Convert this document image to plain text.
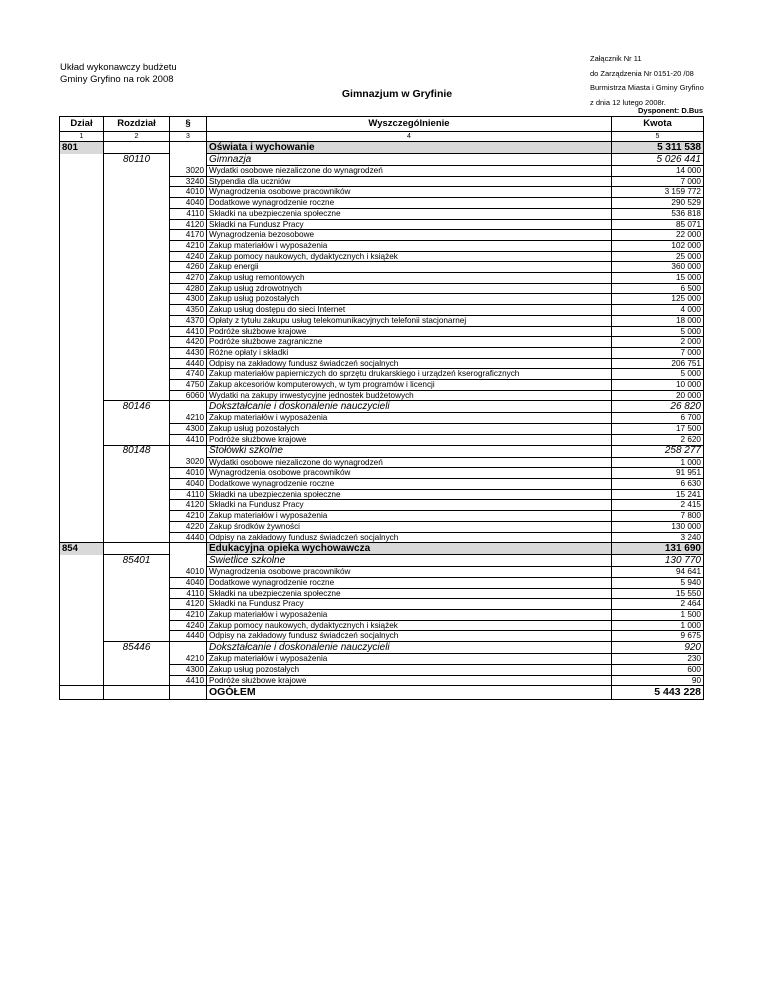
Układ wykonawczy budżetu
Gminy Gryfino na rok 2008
Załącznik Nr 11
do Zarządzenia Nr 0151-20 /08
Burmistrza Miasta i Gminy Gryfino
z dnia 12 lutego 2008r.
Gimnazjum w Gryfinie
Dysponent: D.Bus
Dział	Rozdział	§	Wyszczególnienie	Kwota
1	2	3	4	5
801			Oświata i wychowanie	5 311 538
	80110		Gimnazja	5 026 441
		3020	Wydatki osobowe niezaliczone do wynagrodzeń	14 000
		3240	Stypendia dla uczniów	7 000
		4010	Wynagrodzenia osobowe pracowników	3 159 772
		4040	Dodatkowe wynagrodzenie roczne	290 529
		4110	Składki na ubezpieczenia społeczne	536 818
		4120	Składki na Fundusz Pracy	85 071
		4170	Wynagrodzenia bezosobowe	22 000
		4210	Zakup materiałów i wyposażenia	102 000
		4240	Zakup pomocy naukowych, dydaktycznych i książek	25 000
		4260	Zakup energii	360 000
		4270	Zakup usług remontowych	15 000
		4280	Zakup usług zdrowotnych	6 500
		4300	Zakup usług pozostałych	125 000
		4350	Zakup usług dostępu do sieci Internet	4 000
		4370	Opłaty z tytułu zakupu usług telekomunikacyjnych telefonii stacjonarnej	18 000
		4410	Podróże służbowe krajowe	5 000
		4420	Podróże służbowe zagraniczne	2 000
		4430	Różne opłaty i składki	7 000
		4440	Odpisy na zakładowy fundusz świadczeń socjalnych	206 751
		4740	Zakup materiałów papierniczych do sprzętu drukarskiego i urządzeń kserograficznych	5 000
		4750	Zakup akcesoriów komputerowych, w tym programów i licencji	10 000
		6060	Wydatki na zakupy inwestycyjne jednostek budżetowych	20 000
	80146		Dokształcanie i doskonalenie nauczycieli	26 820
		4210	Zakup materiałów i wyposażenia	6 700
		4300	Zakup usług pozostałych	17 500
		4410	Podróże służbowe krajowe	2 620
	80148		Stołówki szkolne	258 277
		3020	Wydatki osobowe niezaliczone do wynagrodzeń	1 000
		4010	Wynagrodzenia osobowe pracowników	91 951
		4040	Dodatkowe wynagrodzenie roczne	6 630
		4110	Składki na ubezpieczenia społeczne	15 241
		4120	Składki na Fundusz Pracy	2 415
		4210	Zakup materiałów i wyposażenia	7 800
		4220	Zakup środków żywności	130 000
		4440	Odpisy na zakładowy fundusz świadczeń socjalnych	3 240
854			Edukacyjna opieka wychowawcza	131 690
	85401		Świetlice szkolne	130 770
		4010	Wynagrodzenia osobowe pracowników	94 641
		4040	Dodatkowe wynagrodzenie roczne	5 940
		4110	Składki na ubezpieczenia społeczne	15 550
		4120	Składki na Fundusz Pracy	2 464
		4210	Zakup materiałów i wyposażenia	1 500
		4240	Zakup pomocy naukowych, dydaktycznych i książek	1 000
		4440	Odpisy na zakładowy fundusz świadczeń socjalnych	9 675
	85446		Dokształcanie i doskonalenie nauczycieli	920
		4210	Zakup materiałów i wyposażenia	230
		4300	Zakup usług pozostałych	600
		4410	Podróże służbowe krajowe	90
			OGÓŁEM	5 443 228
